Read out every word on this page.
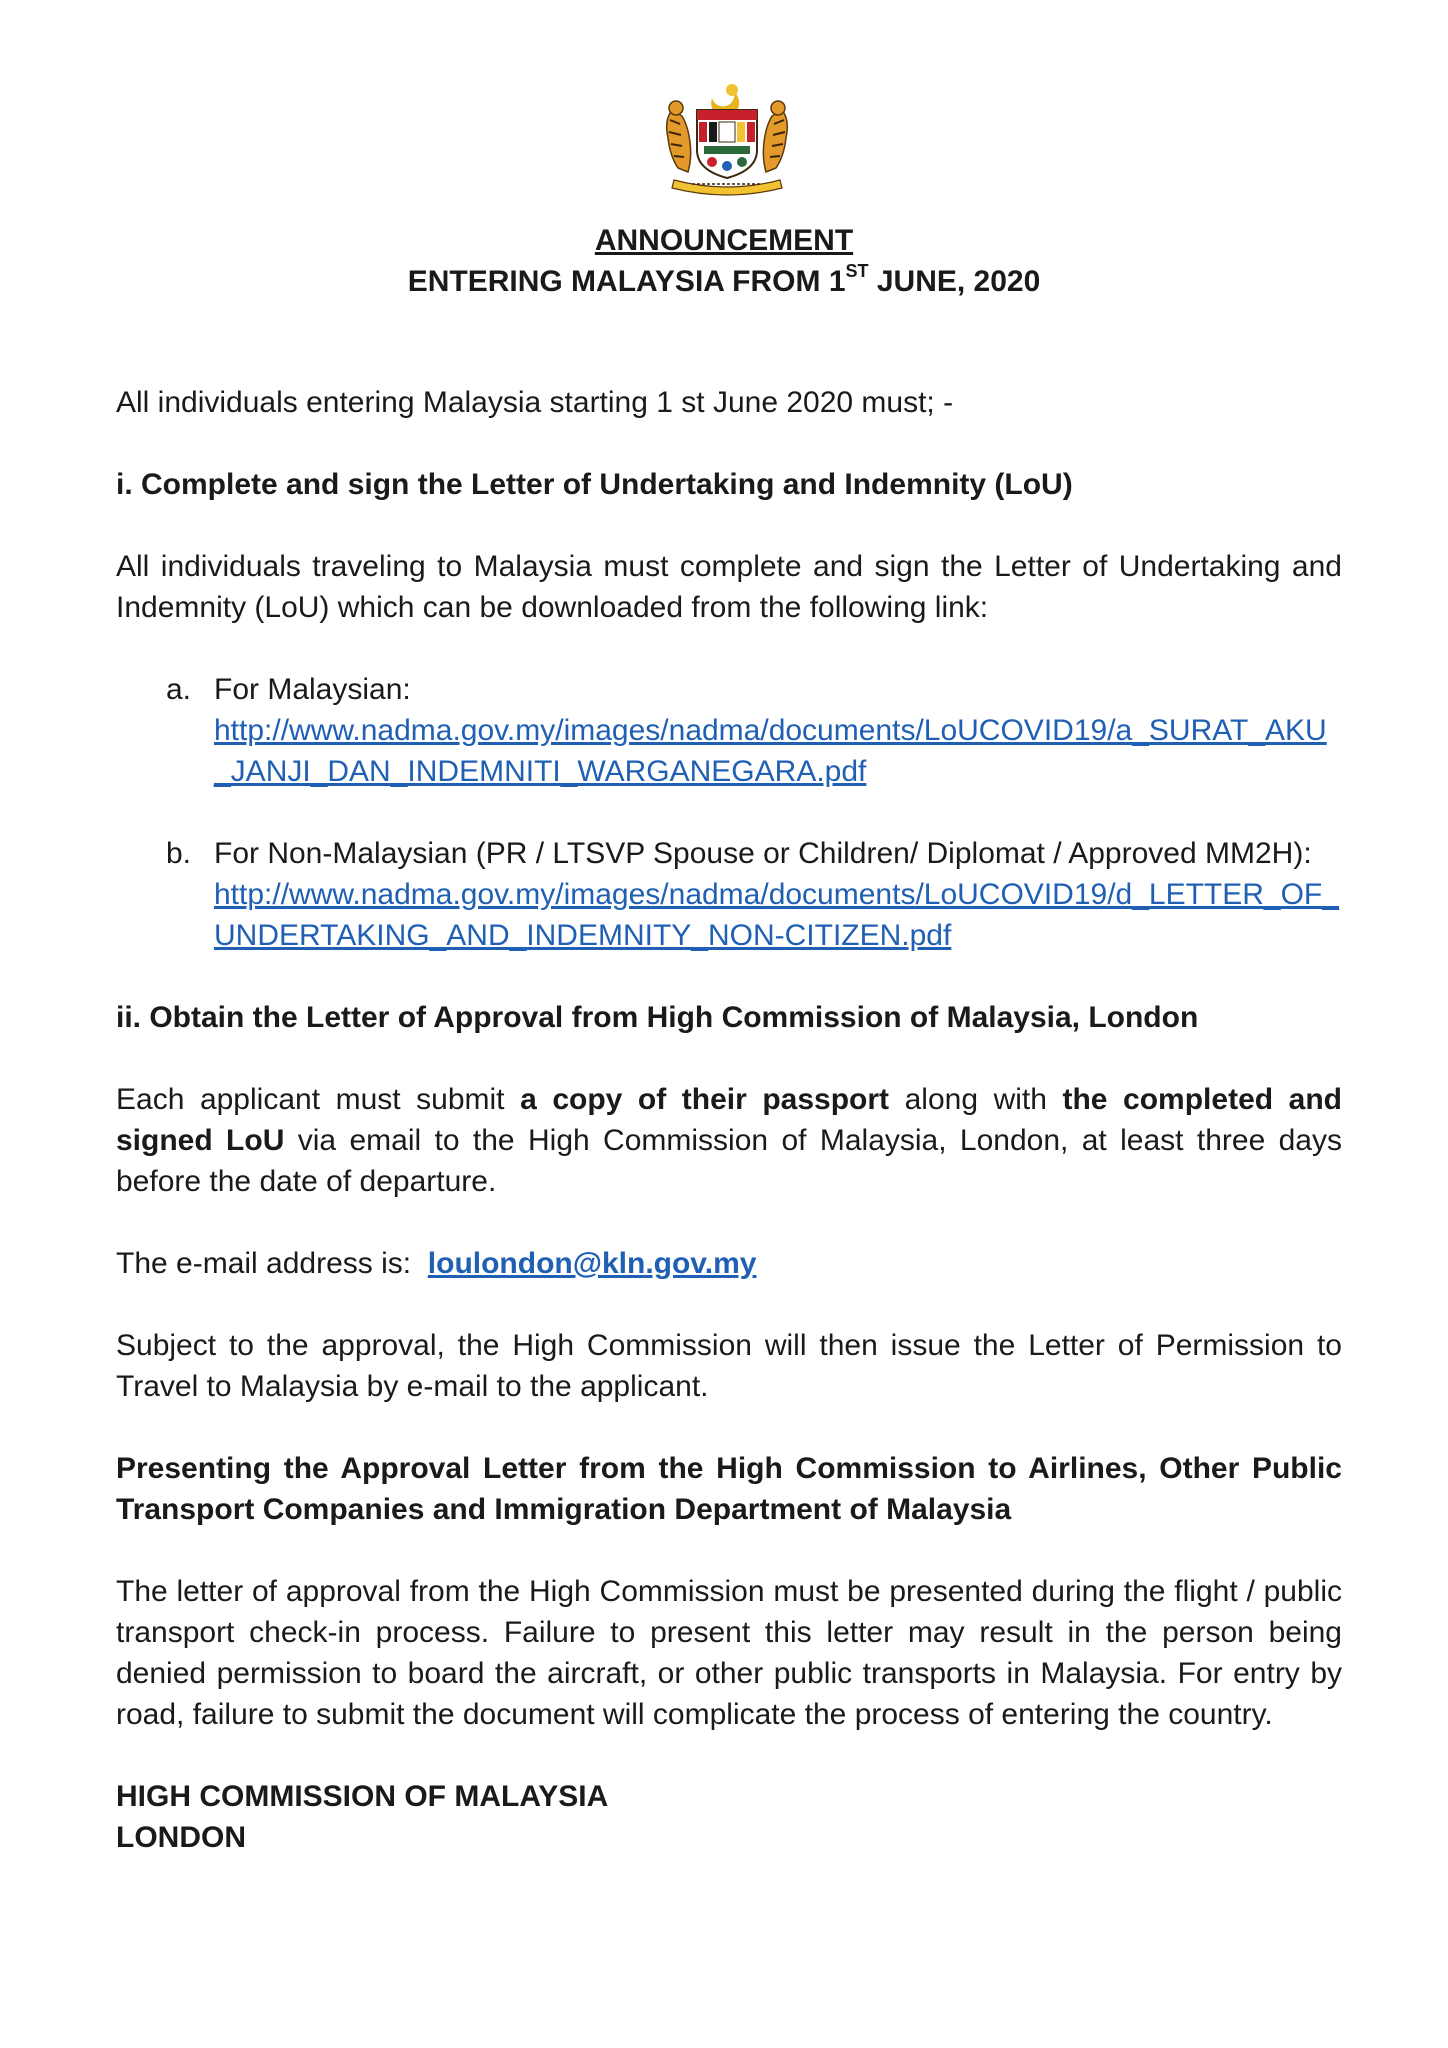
ANNOUNCEMENT
ENTERING MALAYSIA FROM 1ST JUNE, 2020

All individuals entering Malaysia starting 1 st June 2020 must; -

i. Complete and sign the Letter of Undertaking and Indemnity (LoU)

All individuals traveling to Malaysia must complete and sign the Letter of Undertaking and Indemnity (LoU) which can be downloaded from the following link:

a. For Malaysian:
http://www.nadma.gov.my/images/nadma/documents/LoUCOVID19/a_SURAT_AKU_JANJI_DAN_INDEMNITI_WARGANEGARA.pdf
b. For Non-Malaysian (PR / LTSVP Spouse or Children/ Diplomat / Approved MM2H):
http://www.nadma.gov.my/images/nadma/documents/LoUCOVID19/d_LETTER_OF_UNDERTAKING_AND_INDEMNITY_NON-CITIZEN.pdf

ii. Obtain the Letter of Approval from High Commission of Malaysia, London

Each applicant must submit a copy of their passport along with the completed and signed LoU via email to the High Commission of Malaysia, London, at least three days before the date of departure.

The e-mail address is: loulondon@kln.gov.my

Subject to the approval, the High Commission will then issue the Letter of Permission to Travel to Malaysia by e-mail to the applicant.

Presenting the Approval Letter from the High Commission to Airlines, Other Public Transport Companies and Immigration Department of Malaysia

The letter of approval from the High Commission must be presented during the flight / public transport check-in process. Failure to present this letter may result in the person being denied permission to board the aircraft, or other public transports in Malaysia. For entry by road, failure to submit the document will complicate the process of entering the country.

HIGH COMMISSION OF MALAYSIA

LONDON
